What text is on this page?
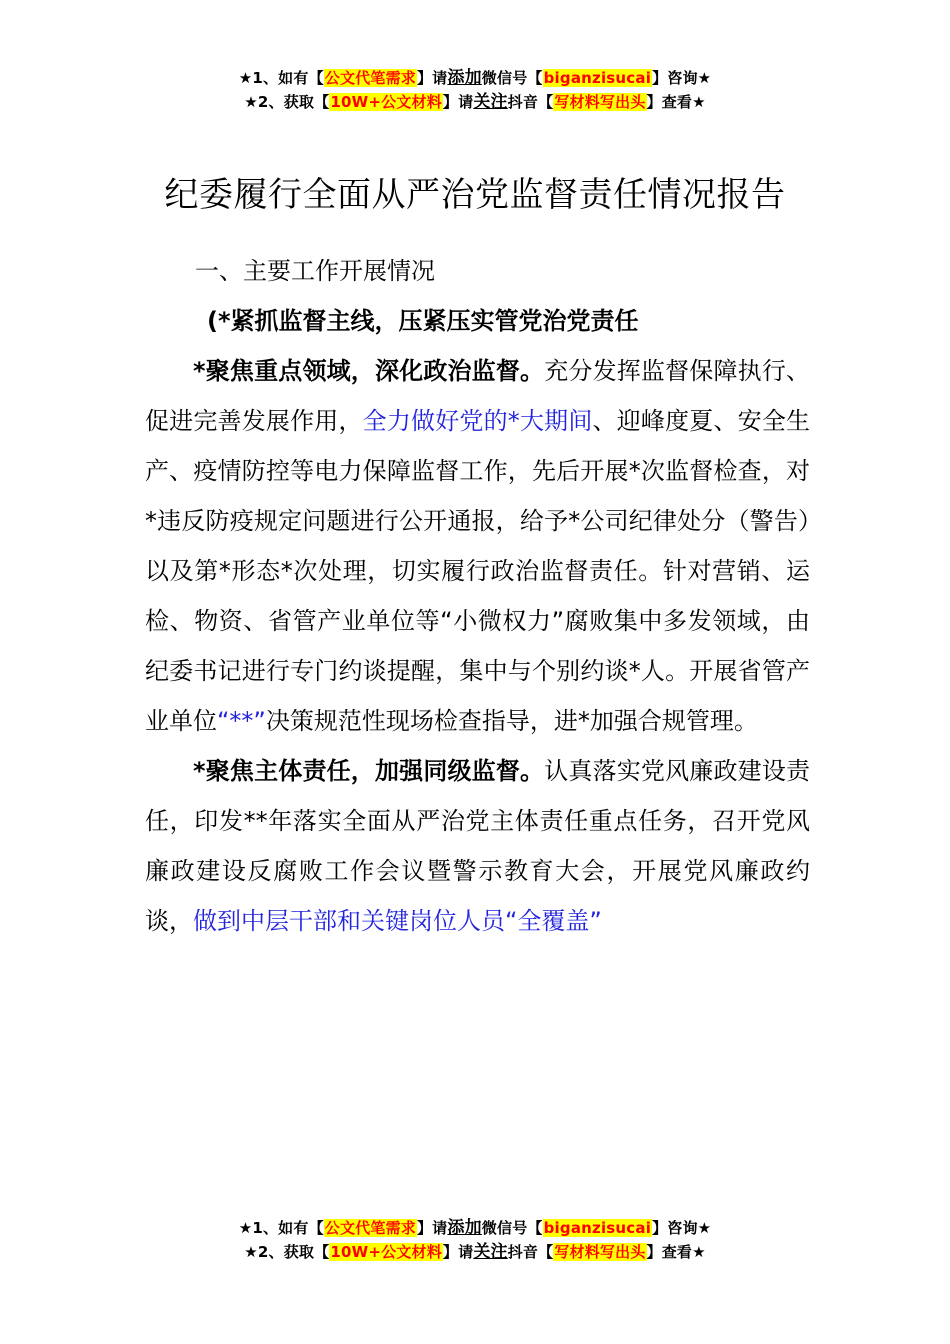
★1、如有【公文代笔需求】请添加微信号【biganzisucai】咨询★
★2、获取【10W+公文材料】请关注抖音【写材料写出头】查看★
纪委履行全面从严治党监督责任情况报告

一、主要工作开展情况

(*紧抓监督主线，压紧压实管党治党责任

*聚焦重点领域，深化政治监督。充分发挥监督保障执行、促进完善发展作用，全力做好党的*大期间、迎峰度夏、安全生产、疫情防控等电力保障监督工作，先后开展*次监督检查，对*违反防疫规定问题进行公开通报，给予*公司纪律处分（警告）以及第*形态*次处理，切实履行政治监督责任。针对营销、运检、物资、省管产业单位等“小微权力”腐败集中多发领域，由纪委书记进行专门约谈提醒，集中与个别约谈*人。开展省管产业单位“**”决策规范性现场检查指导，进*加强合规管理。

*聚焦主体责任，加强同级监督。认真落实党风廉政建设责任，印发**年落实全面从严治党主体责任重点任务，召开党风廉政建设反腐败工作会议暨警示教育大会，开展党风廉政约谈，做到中层干部和关键岗位人员“全覆盖”

★1、如有【公文代笔需求】请添加微信号【biganzisucai】咨询★
★2、获取【10W+公文材料】请关注抖音【写材料写出头】查看★
